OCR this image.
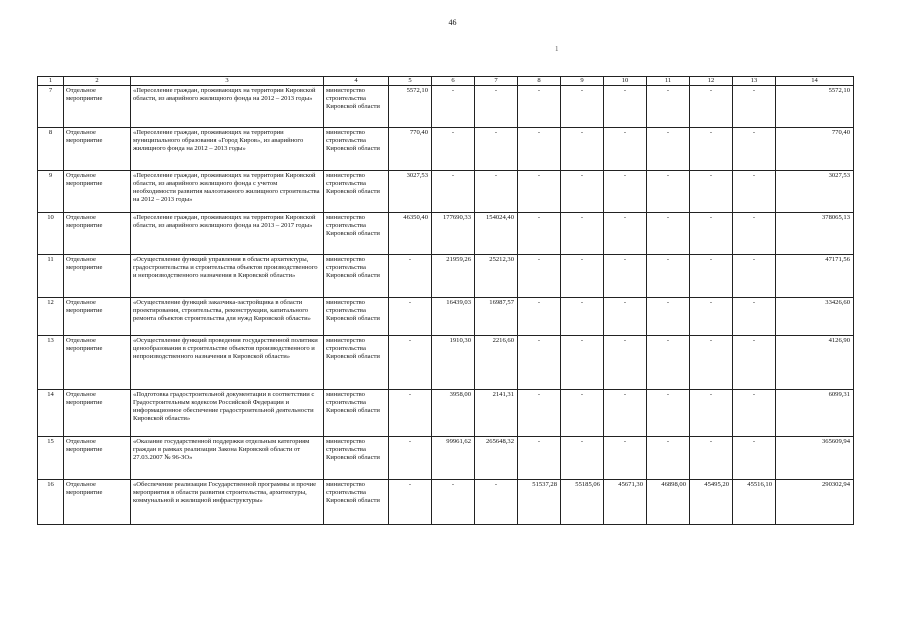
46
1
1	2	3	4	5	6	7	8	9	10	11	12	13	14
7	Отдельное мероприятие	«Переселение граждан, проживающих на территории Кировской области, из аварийного жилищного фонда на 2012 – 2013 годы»	министерство строительства Кировской области	5572,10	-	-	-	-	-	-	-	-	5572,10
8	Отдельное мероприятие	«Переселение граждан, проживающих на территории муниципального образования «Город Киров», из аварийного жилищного фонда на 2012 – 2013 годы»	министерство строительства Кировской области	770,40	-	-	-	-	-	-	-	-	770,40
9	Отдельное мероприятие	«Переселение граждан, проживающих на территории Кировской области, из аварийного жилищного фонда с учетом необходимости развития малоэтажного жилищного строительства на 2012 – 2013 годы»	министерство строительства Кировской области	3027,53	-	-	-	-	-	-	-	-	3027,53
10	Отдельное мероприятие	«Переселение граждан, проживающих на территории Кировской области, из аварийного жилищного фонда на 2013 – 2017 годы»	министерство строительства Кировской области	46350,40	177690,33	154024,40	-	-	-	-	-	-	378065,13
11	Отдельное мероприятие	«Осуществление функций управления в области архитектуры, градостроительства и строительства объектов производственного и непроизводственного назначения в Кировской области»	министерство строительства Кировской области	-	21959,26	25212,30	-	-	-	-	-	-	47171,56
12	Отдельное мероприятие	«Осуществление функций заказчика-застройщика в области проектирования, строительства, реконструкции, капитального ремонта объектов строительства для нужд Кировской области»	министерство строительства Кировской области	-	16439,03	16987,57	-	-	-	-	-	-	33426,60
13	Отдельное мероприятие	«Осуществление функций проведения государственной политики ценообразования в строительстве объектов производственного и непроизводственного назначения в Кировской области»	министерство строительства Кировской области	-	1910,30	2216,60	-	-	-	-	-	-	4126,90
14	Отдельное мероприятие	«Подготовка градостроительной документации в соответствии с Градостроительным кодексом Российской Федерации и информационное обеспечение градостроительной деятельности Кировской области»	министерство строительства Кировской области	-	3958,00	2141,31	-	-	-	-	-	-	6099,31
15	Отдельное мероприятие	«Оказание государственной поддержки отдельным категориям граждан в рамках реализации Закона Кировской области от 27.03.2007 № 96-ЗО»	министерство строительства Кировской области	-	99961,62	265648,32	-	-	-	-	-	-	365609,94
16	Отдельное мероприятие	«Обеспечение реализации Государственной программы и прочие мероприятия в области развития строительства, архитектуры, коммунальной и жилищной инфраструктуры»	министерство строительства Кировской области	-	-	-	51537,28	55185,06	45671,30	46898,00	45495,20	45516,10	290302,94
